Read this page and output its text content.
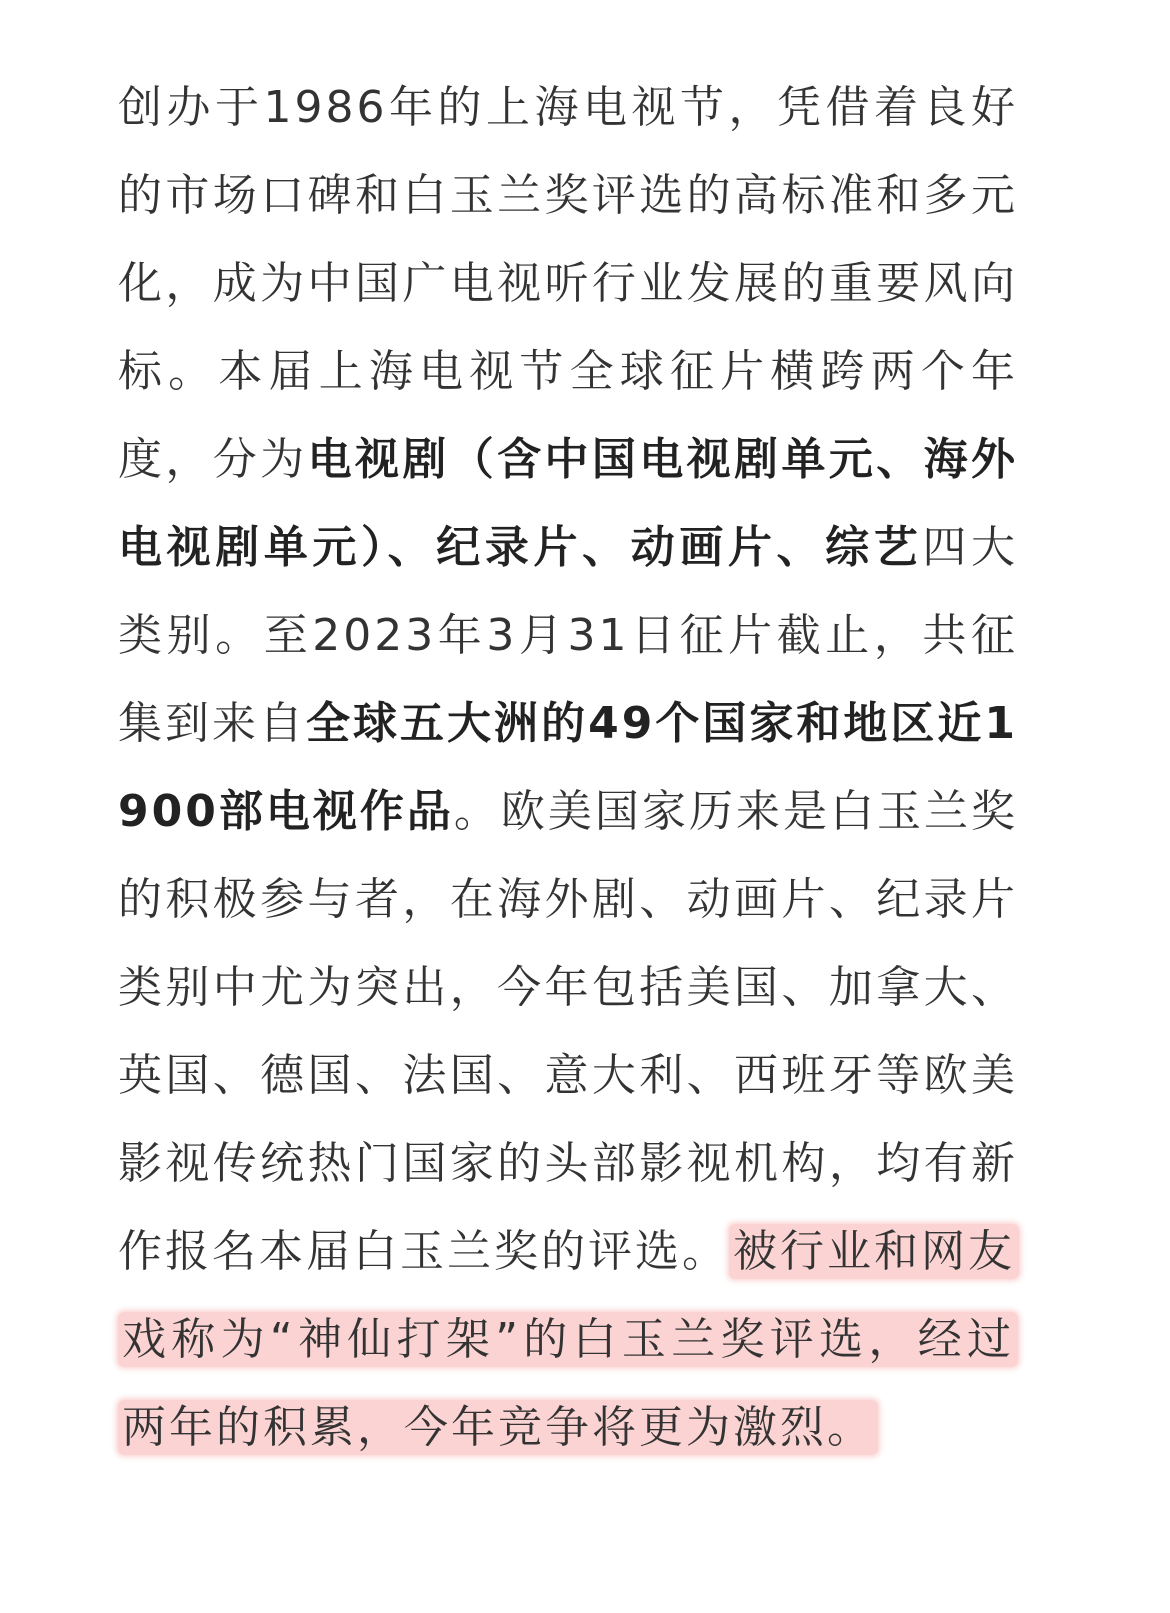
创办于1986年的上海电视节，凭借着良好的市场口碑和白玉兰奖评选的高标准和多元化，成为中国广电视听行业发展的重要风向标。本届上海电视节全球征片横跨两个年度，分为电视剧（含中国电视剧单元、海外电视剧单元）、纪录片、动画片、综艺四大类别。至2023年3月31日征片截止，共征集到来自全球五大洲的49个国家和地区近1900部电视作品。欧美国家历来是白玉兰奖的积极参与者，在海外剧、动画片、纪录片类别中尤为突出，今年包括美国、加拿大、英国、德国、法国、意大利、西班牙等欧美影视传统热门国家的头部影视机构，均有新作报名本届白玉兰奖的评选。被行业和网友戏称为“神仙打架”的白玉兰奖评选，经过两年的积累，今年竞争将更为激烈。
